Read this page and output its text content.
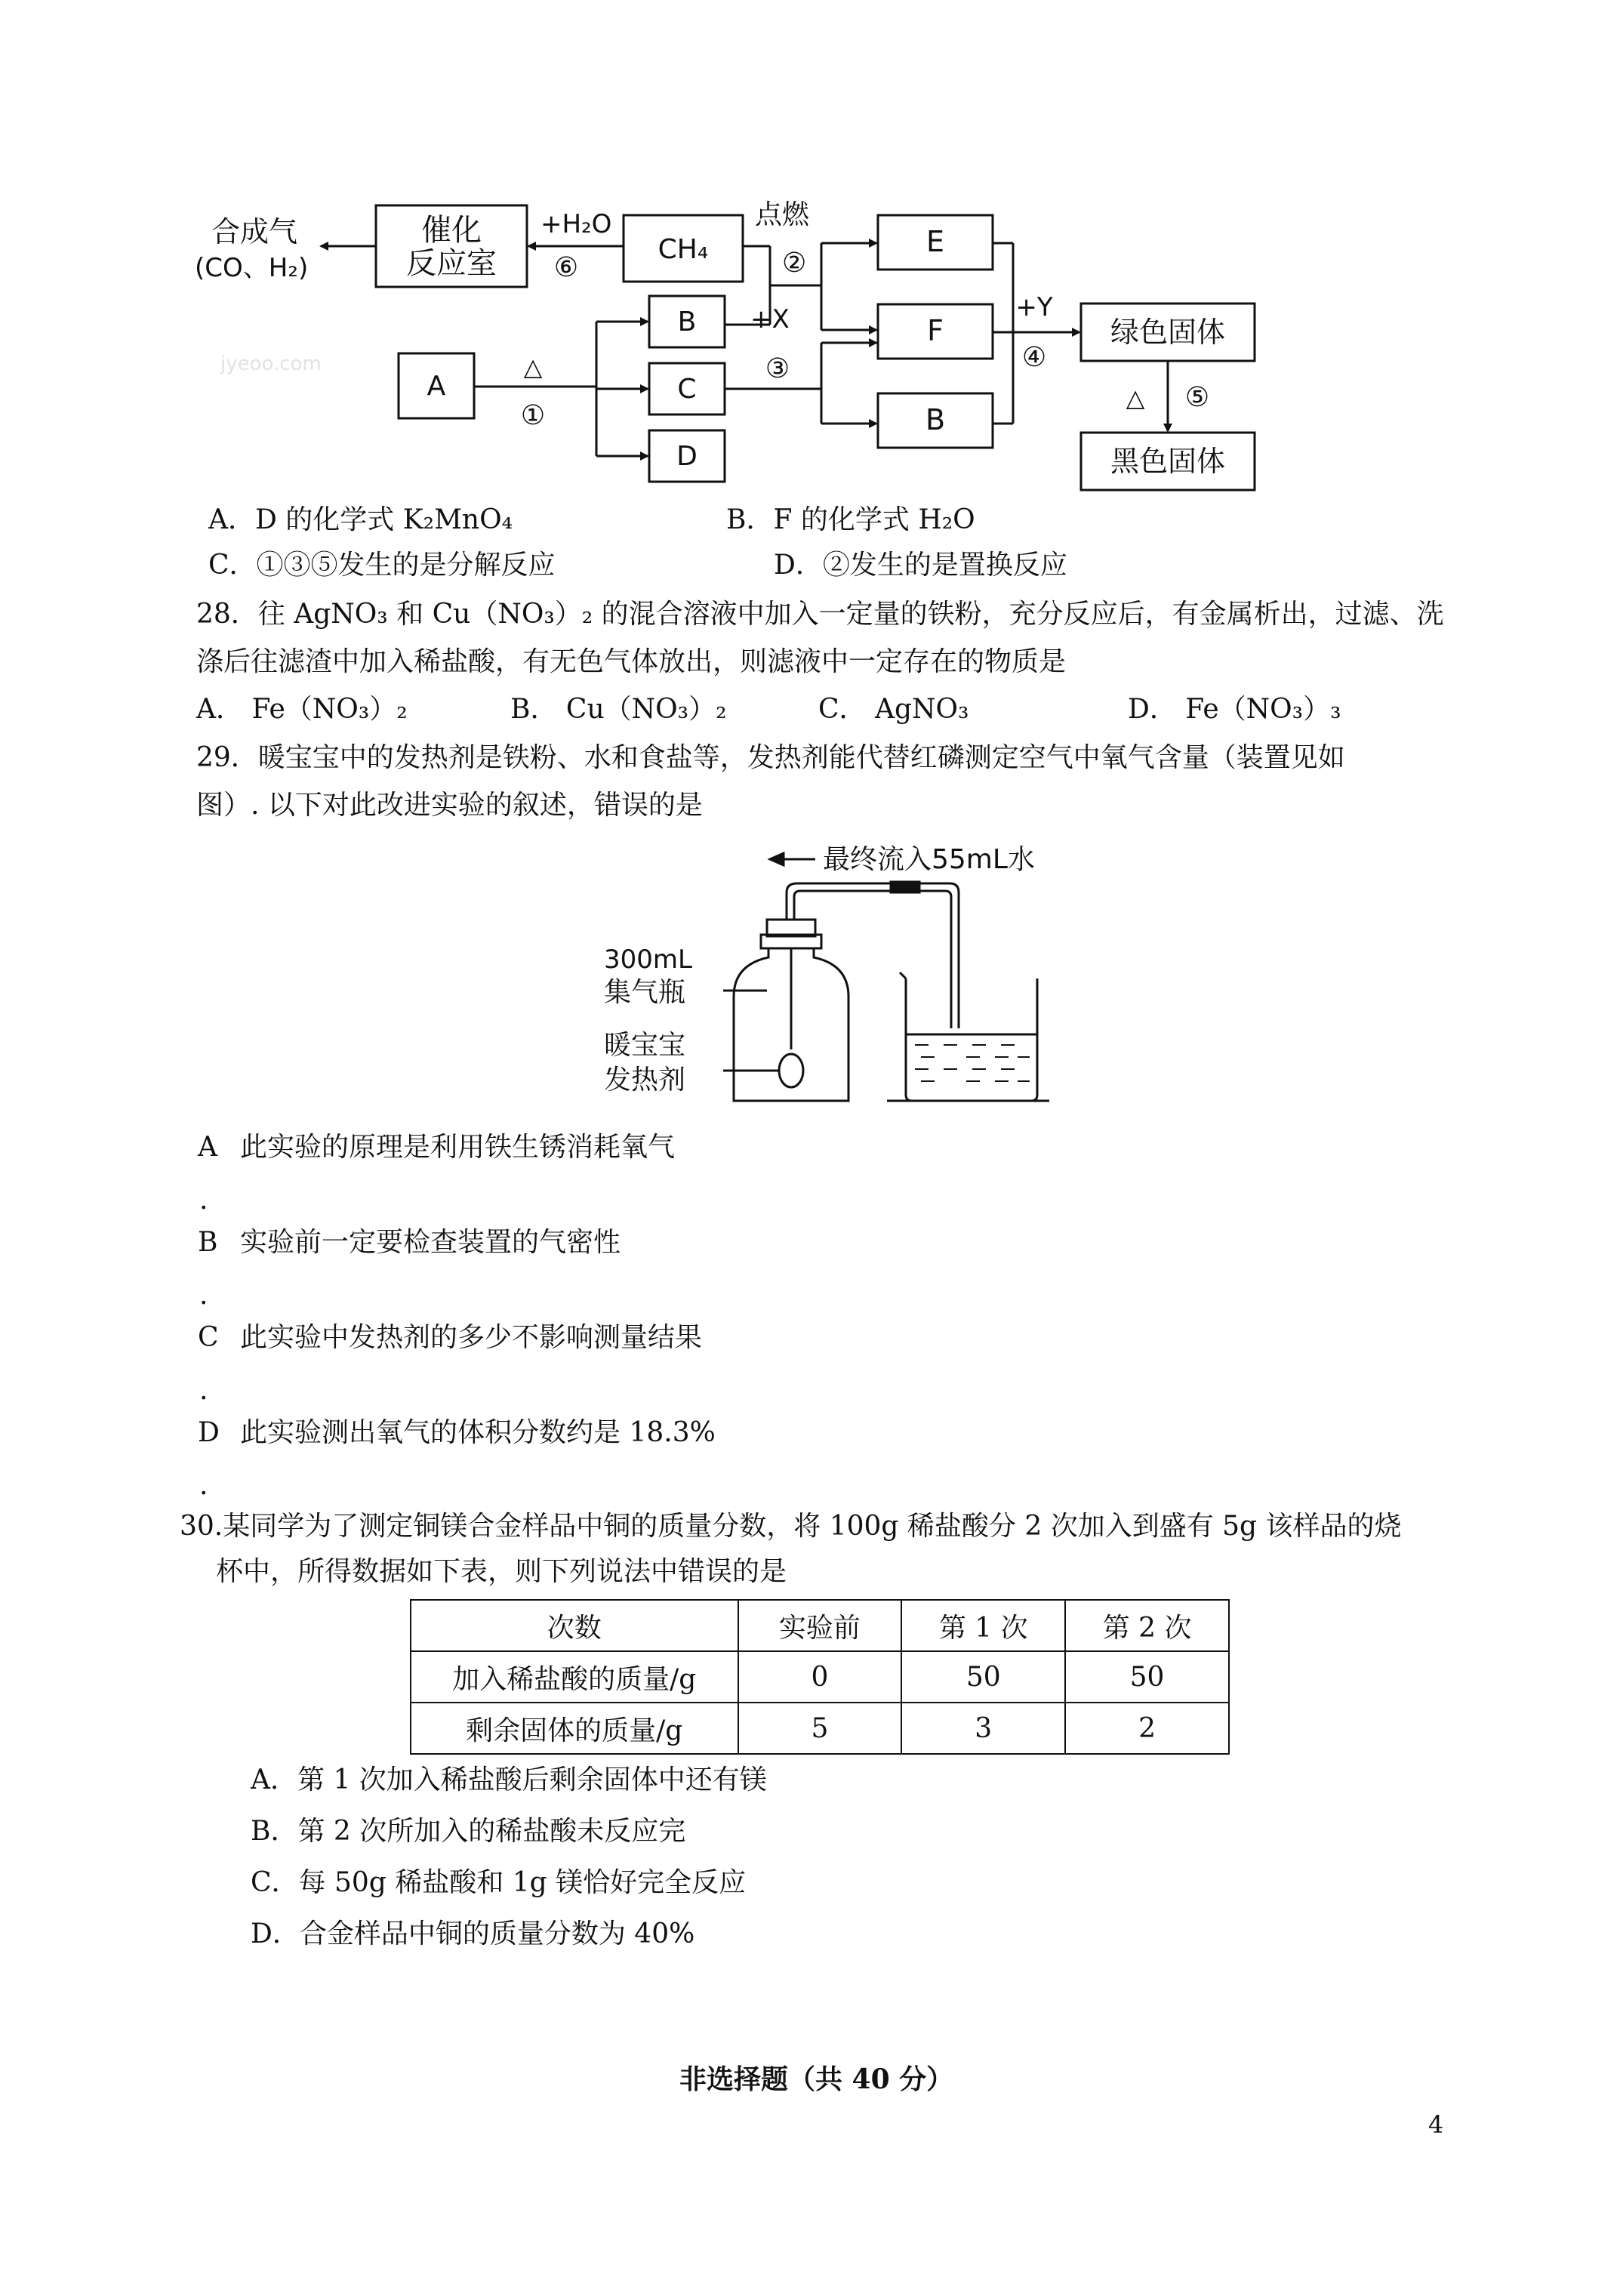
合成气
(CO、H₂)
催化
反应室
+H₂O
⑥
CH₄
点燃
②
E
F
B
B
C
D
A
△
①
+X
③
+Y
④
绿色固体
△ ⑤
黑色固体
jyeoo.com
A．D 的化学式 K₂MnO₄	B．F 的化学式 H₂O
C．①③⑤发生的是分解反应	D．②发生的是置换反应
28．往 AgNO₃ 和 Cu（NO₃）₂ 的混合溶液中加入一定量的铁粉，充分反应后，有金属析出，过滤、洗
涤后往滤渣中加入稀盐酸，有无色气体放出，则滤液中一定存在的物质是
A． Fe（NO₃）₂	B． Cu（NO₃）₂	C． AgNO₃	D． Fe（NO₃）₃
29．暖宝宝中的发热剂是铁粉、水和食盐等，发热剂能代替红磷测定空气中氧气含量（装置见如
图）. 以下对此改进实验的叙述，错误的是
最终流入55mL水
300mL
集气瓶
暖宝宝
发热剂
A 此实验的原理是利用铁生锈消耗氧气
.
B 实验前一定要检查装置的气密性
.
C 此实验中发热剂的多少不影响测量结果
.
D 此实验测出氧气的体积分数约是 18.3%
.
30.某同学为了测定铜镁合金样品中铜的质量分数，将 100g 稀盐酸分 2 次加入到盛有 5g 该样品的烧
杯中，所得数据如下表，则下列说法中错误的是
次数	实验前	第 1 次	第 2 次
加入稀盐酸的质量/g	0	50	50
剩余固体的质量/g	5	3	2
A．第 1 次加入稀盐酸后剩余固体中还有镁
B．第 2 次所加入的稀盐酸未反应完
C．每 50g 稀盐酸和 1g 镁恰好完全反应
D．合金样品中铜的质量分数为 40%
非选择题（共 40 分）
4
